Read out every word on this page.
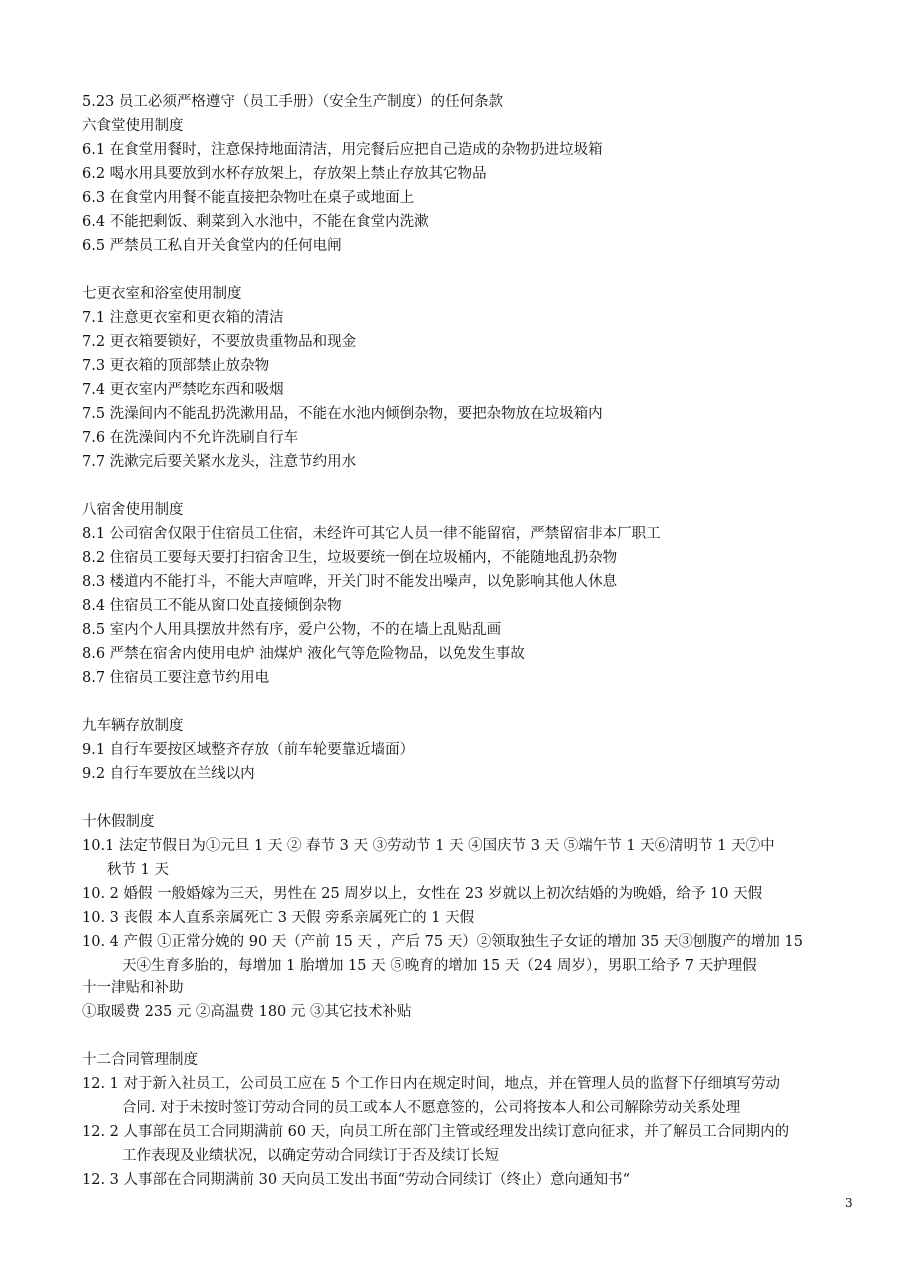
5.23 员工必须严格遵守（员工手册）（安全生产制度）的任何条款

六食堂使用制度

6.1 在食堂用餐时，注意保持地面清洁，用完餐后应把自己造成的杂物扔进垃圾箱

6.2 喝水用具要放到水杯存放架上，存放架上禁止存放其它物品

6.3 在食堂内用餐不能直接把杂物吐在桌子或地面上

6.4 不能把剩饭、剩菜到入水池中，不能在食堂内洗漱

6.5 严禁员工私自开关食堂内的任何电闸

七更衣室和浴室使用制度

7.1 注意更衣室和更衣箱的清洁

7.2 更衣箱要锁好，不要放贵重物品和现金

7.3 更衣箱的顶部禁止放杂物

7.4 更衣室内严禁吃东西和吸烟

7.5 洗澡间内不能乱扔洗漱用品，不能在水池内倾倒杂物，要把杂物放在垃圾箱内

7.6 在洗澡间内不允许洗刷自行车

7.7 洗漱完后要关紧水龙头，注意节约用水

八宿舍使用制度

8.1 公司宿舍仅限于住宿员工住宿，未经许可其它人员一律不能留宿，严禁留宿非本厂职工

8.2 住宿员工要每天要打扫宿舍卫生，垃圾要统一倒在垃圾桶内，不能随地乱扔杂物

8.3 楼道内不能打斗，不能大声喧哗，开关门时不能发出噪声，以免影响其他人休息

8.4 住宿员工不能从窗口处直接倾倒杂物

8.5 室内个人用具摆放井然有序，爱户公物，不的在墙上乱贴乱画

8.6 严禁在宿舍内使用电炉 油煤炉 液化气等危险物品，以免发生事故

8.7 住宿员工要注意节约用电

九车辆存放制度

9.1 自行车要按区域整齐存放（前车轮要靠近墙面）

9.2 自行车要放在兰线以内

十休假制度

10.1 法定节假日为①元旦 1 天 ② 春节 3 天 ③劳动节 1 天 ④国庆节 3 天 ⑤端午节 1 天⑥清明节 1 天⑦中

秋节 1 天

10. 2 婚假 一般婚嫁为三天，男性在 25 周岁以上，女性在 23 岁就以上初次结婚的为晚婚，给予 10 天假

10. 3 丧假 本人直系亲属死亡 3 天假 旁系亲属死亡的 1 天假

10. 4 产假 ①正常分娩的 90 天（产前 15 天 ，产后 75 天）②领取独生子女证的增加 35 天③刨腹产的增加 15

天④生育多胎的，每增加 1 胎增加 15 天 ⑤晚育的增加 15 天（24 周岁），男职工给予 7 天护理假

十一津贴和补助

①取暖费 235 元 ②高温费 180 元 ③其它技术补贴

十二合同管理制度

12. 1 对于新入社员工，公司员工应在 5 个工作日内在规定时间，地点，并在管理人员的监督下仔细填写劳动

合同. 对于未按时签订劳动合同的员工或本人不愿意签的，公司将按本人和公司解除劳动关系处理

12. 2 人事部在员工合同期满前 60 天，向员工所在部门主管或经理发出续订意向征求，并了解员工合同期内的

工作表现及业绩状况，以确定劳动合同续订于否及续订长短

12. 3 人事部在合同期满前 30 天向员工发出书面“劳动合同续订（终止）意向通知书“

3
